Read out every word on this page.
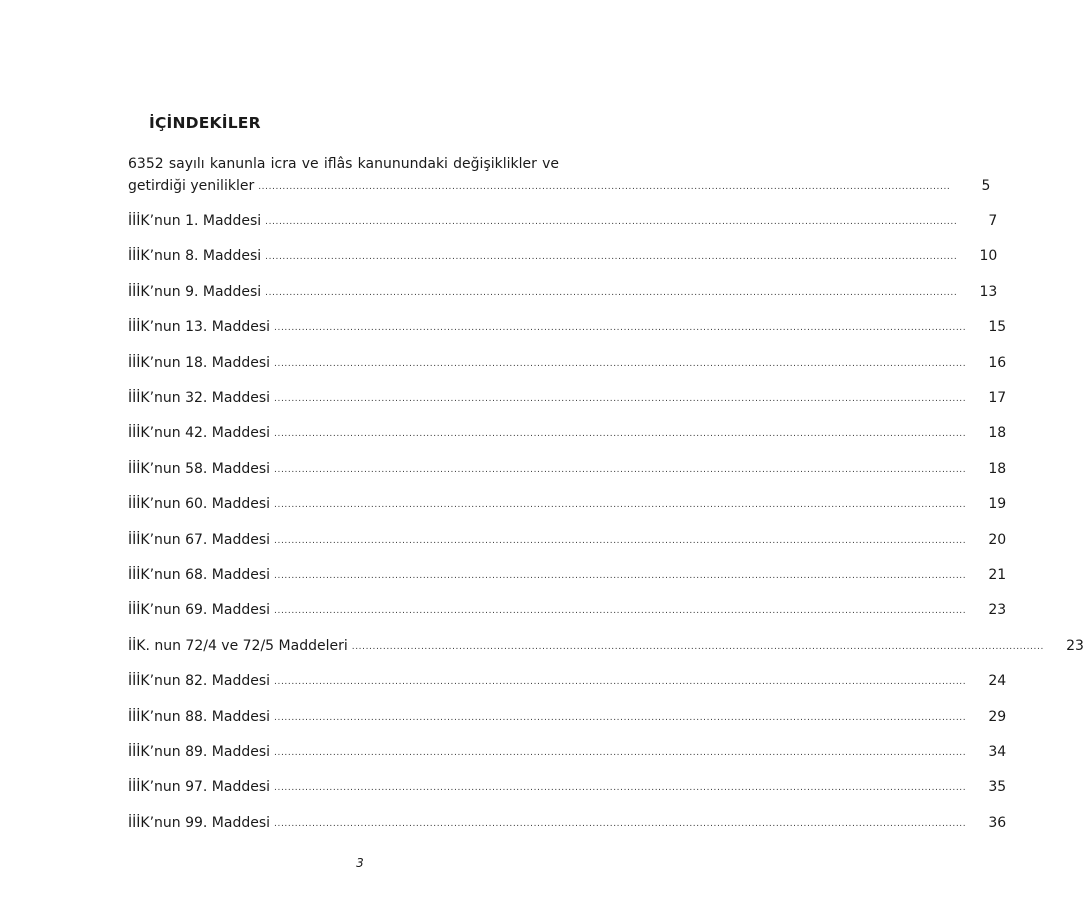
İÇİNDEKİLER
6352 sayılı kanunla icra ve iflâs kanunundaki değişiklikler ve
getirdiği yenilikler ........................................................................................................................................................................................................	5
İİİK’nun 1. Maddesi ........................................................................................................................................................................................................	7
İİİK’nun 8. Maddesi ........................................................................................................................................................................................................	10
İİİK’nun 9. Maddesi ........................................................................................................................................................................................................	13
İİİK’nun 13. Maddesi ........................................................................................................................................................................................................	15
İİİK’nun 18. Maddesi ........................................................................................................................................................................................................	16
İİİK’nun 32. Maddesi ........................................................................................................................................................................................................	17
İİİK’nun 42. Maddesi ........................................................................................................................................................................................................	18
İİİK’nun 58. Maddesi ........................................................................................................................................................................................................	18
İİİK’nun 60. Maddesi ........................................................................................................................................................................................................	19
İİİK’nun 67. Maddesi ........................................................................................................................................................................................................	20
İİİK’nun 68. Maddesi ........................................................................................................................................................................................................	21
İİİK’nun 69. Maddesi ........................................................................................................................................................................................................	23
İİK. nun 72/4 ve 72/5 Maddeleri ........................................................................................................................................................................................................	23
İİİK’nun 82. Maddesi ........................................................................................................................................................................................................	24
İİİK’nun 88. Maddesi ........................................................................................................................................................................................................	29
İİİK’nun 89. Maddesi ........................................................................................................................................................................................................	34
İİİK’nun 97. Maddesi ........................................................................................................................................................................................................	35
İİİK’nun 99. Maddesi ........................................................................................................................................................................................................	36
3
